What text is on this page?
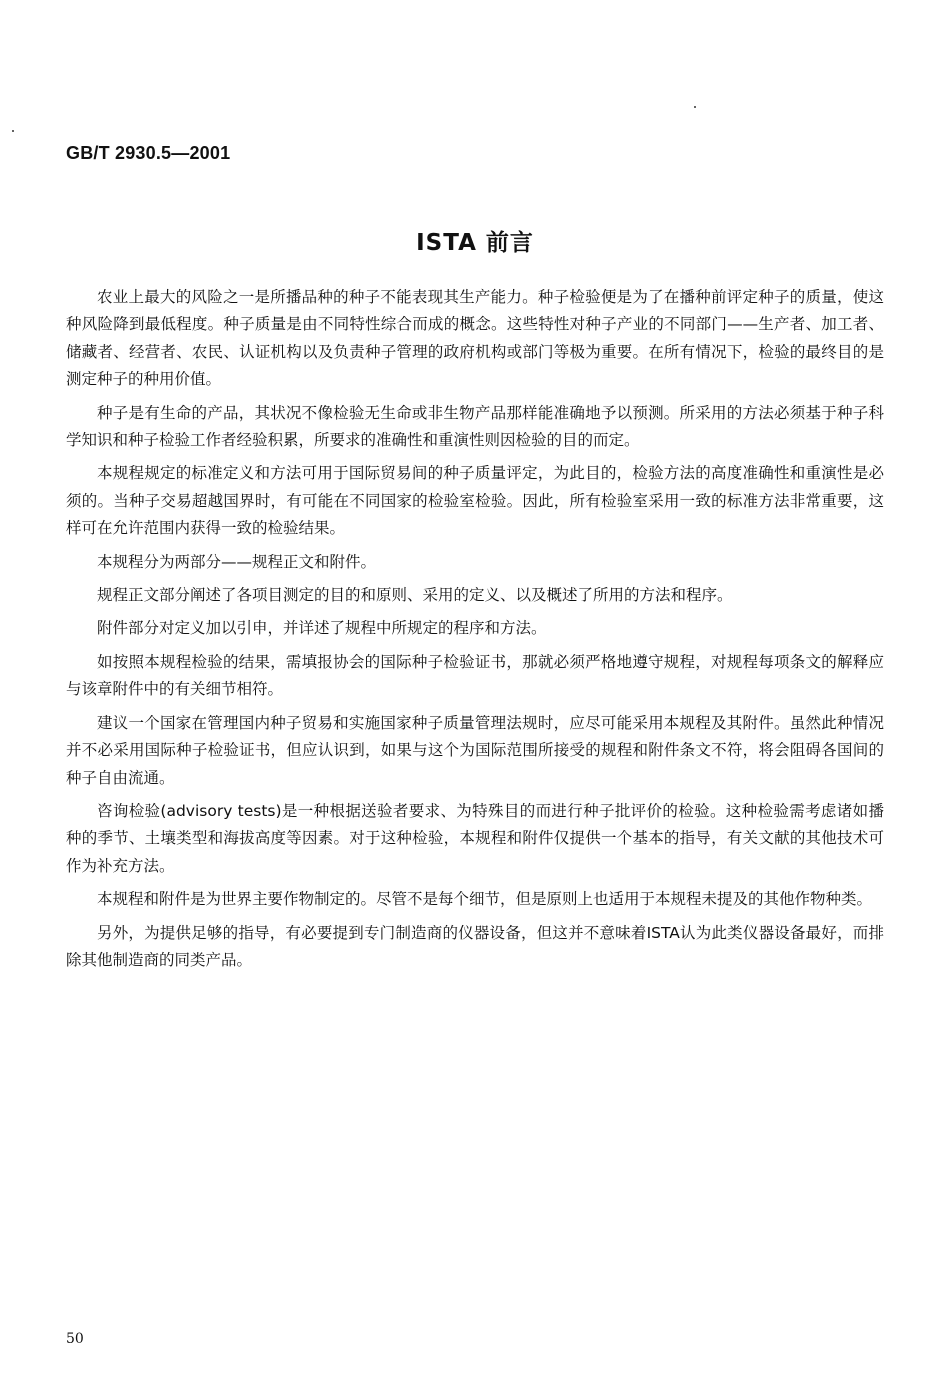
GB/T 2930.5—2001
ISTA 前言

农业上最大的风险之一是所播品种的种子不能表现其生产能力。种子检验便是为了在播种前评定种子的质量，使这种风险降到最低程度。种子质量是由不同特性综合而成的概念。这些特性对种子产业的不同部门——生产者、加工者、储藏者、经营者、农民、认证机构以及负责种子管理的政府机构或部门等极为重要。在所有情况下，检验的最终目的是测定种子的种用价值。

种子是有生命的产品，其状况不像检验无生命或非生物产品那样能准确地予以预测。所采用的方法必须基于种子科学知识和种子检验工作者经验积累，所要求的准确性和重演性则因检验的目的而定。

本规程规定的标准定义和方法可用于国际贸易间的种子质量评定，为此目的，检验方法的高度准确性和重演性是必须的。当种子交易超越国界时，有可能在不同国家的检验室检验。因此，所有检验室采用一致的标准方法非常重要，这样可在允许范围内获得一致的检验结果。

本规程分为两部分——规程正文和附件。

规程正文部分阐述了各项目测定的目的和原则、采用的定义、以及概述了所用的方法和程序。

附件部分对定义加以引申，并详述了规程中所规定的程序和方法。

如按照本规程检验的结果，需填报协会的国际种子检验证书，那就必须严格地遵守规程，对规程每项条文的解释应与该章附件中的有关细节相符。

建议一个国家在管理国内种子贸易和实施国家种子质量管理法规时，应尽可能采用本规程及其附件。虽然此种情况并不必采用国际种子检验证书，但应认识到，如果与这个为国际范围所接受的规程和附件条文不符，将会阻碍各国间的种子自由流通。

咨询检验(advisory tests)是一种根据送验者要求、为特殊目的而进行种子批评价的检验。这种检验需考虑诸如播种的季节、土壤类型和海拔高度等因素。对于这种检验，本规程和附件仅提供一个基本的指导，有关文献的其他技术可作为补充方法。

本规程和附件是为世界主要作物制定的。尽管不是每个细节，但是原则上也适用于本规程未提及的其他作物种类。

另外，为提供足够的指导，有必要提到专门制造商的仪器设备，但这并不意味着ISTA认为此类仪器设备最好，而排除其他制造商的同类产品。

50
